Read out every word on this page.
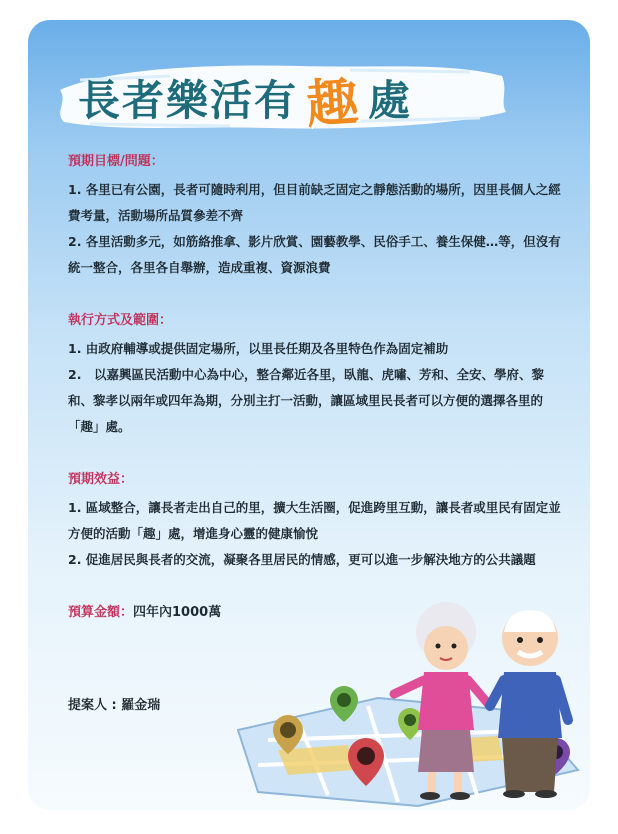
長者樂活有 趣 處
預期目標/問題：

1. 各里已有公園，長者可隨時利用，但目前缺乏固定之靜態活動的場所，因里長個人之經費考量，活動場所品質參差不齊

2. 各里活動多元，如筋絡推拿、影片欣賞、園藝教學、民俗手工、養生保健…等，但沒有統一整合，各里各自舉辦，造成重複、資源浪費

執行方式及範圍：

1. 由政府輔導或提供固定場所，以里長任期及各里特色作為固定補助

2.　以嘉興區民活動中心為中心，整合鄰近各里，臥龍、虎嘯、芳和、全安、學府、黎和、黎孝以兩年或四年為期，分別主打一活動，讓區域里民長者可以方便的選擇各里的「趣」處。

預期效益：

1. 區域整合，讓長者走出自己的里，擴大生活圈，促進跨里互動，讓長者或里民有固定並方便的活動「趣」處，增進身心靈的健康愉悅

2. 促進居民與長者的交流，凝聚各里居民的情感，更可以進一步解決地方的公共議題

預算金額：四年內1000萬
提案人 : 羅金瑞
